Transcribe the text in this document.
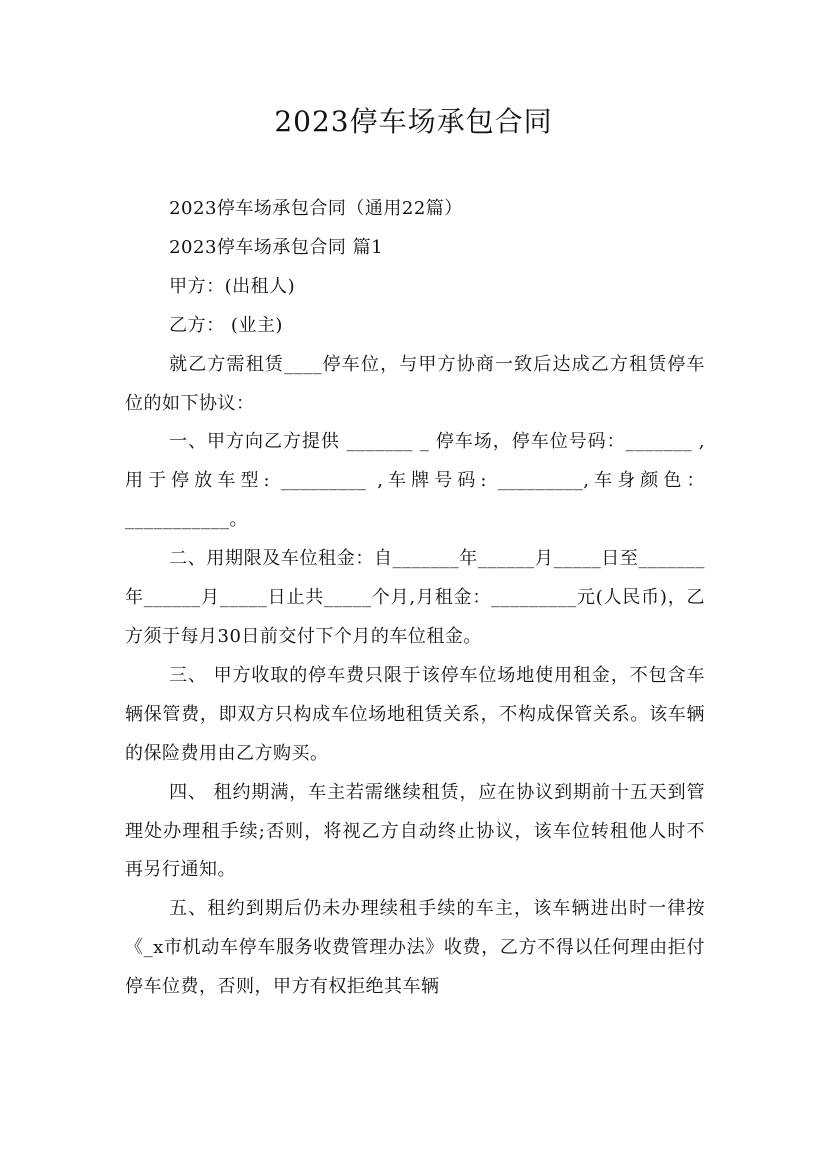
2023停车场承包合同

2023停车场承包合同（通用22篇）

2023停车场承包合同 篇1

甲方：(出租人)

乙方： (业主)

就乙方需租赁____停车位，与甲方协商一致后达成乙方租赁停车位的如下协议：

一、甲方向乙方提供 _______ _ 停车场，停车位号码：_______ ,用于停放车型: _________ ,车牌号码: _________,车身颜色：___________。

二、用期限及车位租金：自_______年______月_____日至_______年______月_____日止共_____个月,月租金：_________元(人民币)，乙方须于每月30日前交付下个月的车位租金。

三、 甲方收取的停车费只限于该停车位场地使用租金，不包含车辆保管费，即双方只构成车位场地租赁关系，不构成保管关系。该车辆的保险费用由乙方购买。

四、 租约期满，车主若需继续租赁，应在协议到期前十五天到管理处办理租手续;否则，将视乙方自动终止协议，该车位转租他人时不再另行通知。

五、租约到期后仍未办理续租手续的车主，该车辆进出时一律按《_x市机动车停车服务收费管理办法》收费，乙方不得以任何理由拒付停车位费，否则，甲方有权拒绝其车辆
